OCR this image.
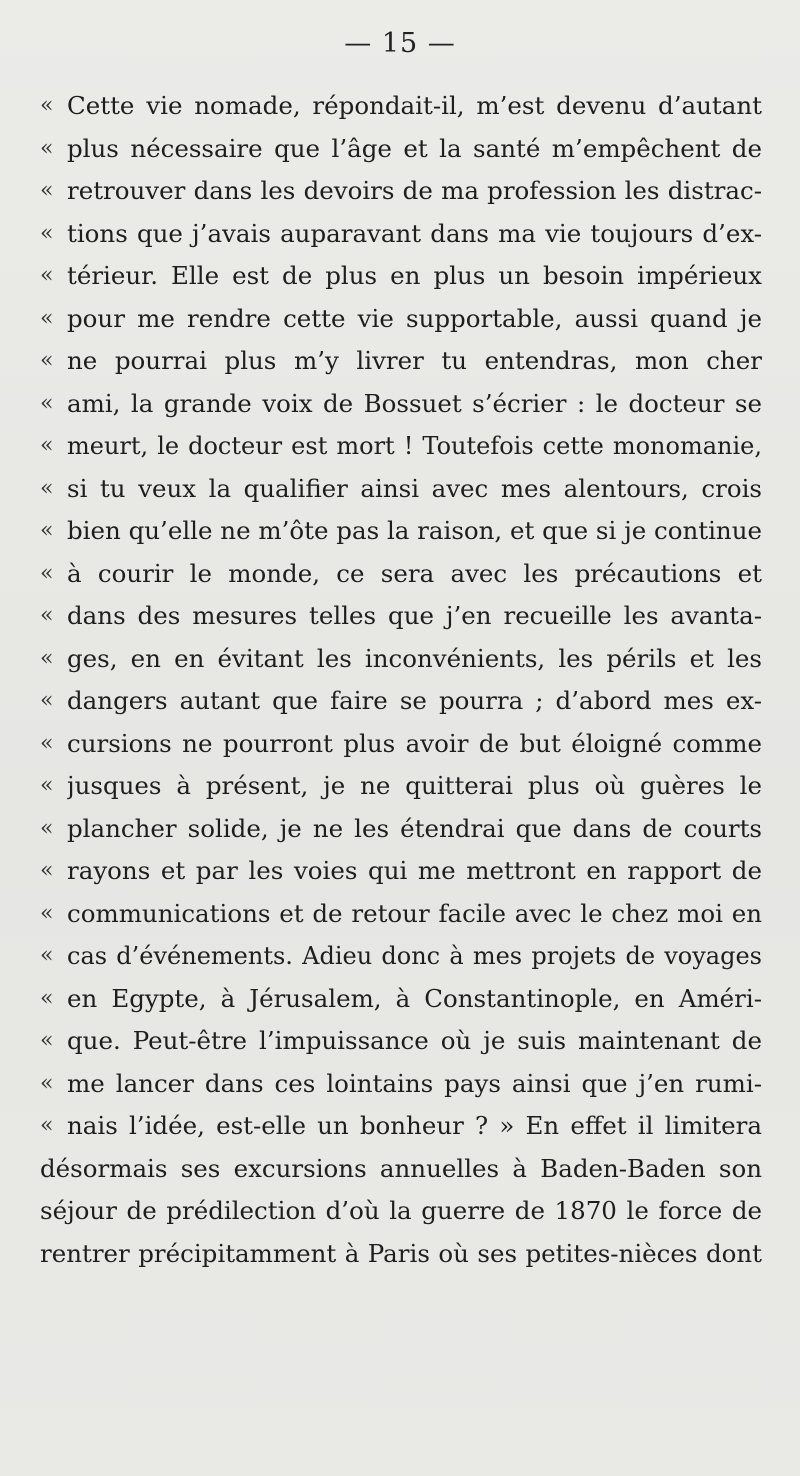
— 15 —
« Cette vie nomade, répondait-il, m’est devenu d’autant
« plus nécessaire que l’âge et la santé m’empêchent de
« retrouver dans les devoirs de ma profession les distrac-
« tions que j’avais auparavant dans ma vie toujours d’ex-
« térieur. Elle est de plus en plus un besoin impérieux
« pour me rendre cette vie supportable, aussi quand je
« ne pourrai plus m’y livrer tu entendras, mon cher
« ami, la grande voix de Bossuet s’écrier : le docteur se
« meurt, le docteur est mort ! Toutefois cette monomanie,
« si tu veux la qualifier ainsi avec mes alentours, crois
« bien qu’elle ne m’ôte pas la raison, et que si je continue
« à courir le monde, ce sera avec les précautions et
« dans des mesures telles que j’en recueille les avanta-
« ges, en en évitant les inconvénients, les périls et les
« dangers autant que faire se pourra ; d’abord mes ex-
« cursions ne pourront plus avoir de but éloigné comme
« jusques à présent, je ne quitterai plus où guères le
« plancher solide, je ne les étendrai que dans de courts
« rayons et par les voies qui me mettront en rapport de
« communications et de retour facile avec le chez moi en
« cas d’événements. Adieu donc à mes projets de voyages
« en Egypte, à Jérusalem, à Constantinople, en Améri-
« que. Peut-être l’impuissance où je suis maintenant de
« me lancer dans ces lointains pays ainsi que j’en rumi-
« nais l’idée, est-elle un bonheur ? » En effet il limitera
désormais ses excursions annuelles à Baden-Baden son
séjour de prédilection d’où la guerre de 1870 le force de
rentrer précipitamment à Paris où ses petites-nièces dont
